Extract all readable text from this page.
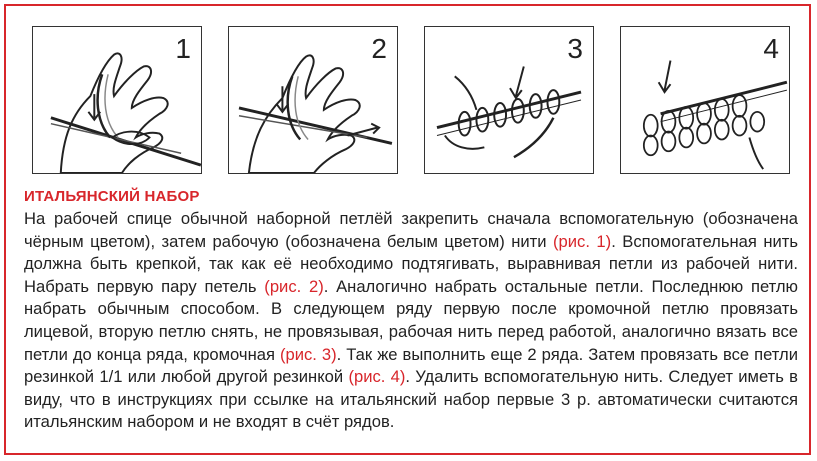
1	2	3	4
ИТАЛЬЯНСКИЙ НАБОР
На рабочей спице обычной наборной петлёй закрепить сначала вспомогательную (обозначена чёрным цветом), затем рабочую (обозначена белым цветом) нити (рис. 1). Вспомогательная нить должна быть крепкой, так как её необходимо подтягивать, выравнивая петли из рабочей нити. Набрать первую пару петель (рис. 2). Аналогично набрать остальные петли. Последнюю петлю набрать обычным способом. В следующем ряду первую после кромочной петлю провязать лицевой, вторую петлю снять, не провязывая, рабочая нить перед работой, аналогично вязать все петли до конца ряда, кромочная (рис. 3). Так же выполнить еще 2 ряда. Затем провязать все петли резинкой 1/1 или любой другой резинкой (рис. 4). Удалить вспомогательную нить. Следует иметь в виду, что в инструкциях при ссылке на итальянский набор первые 3 р. автоматически считаются итальянским набором и не входят в счёт рядов.
